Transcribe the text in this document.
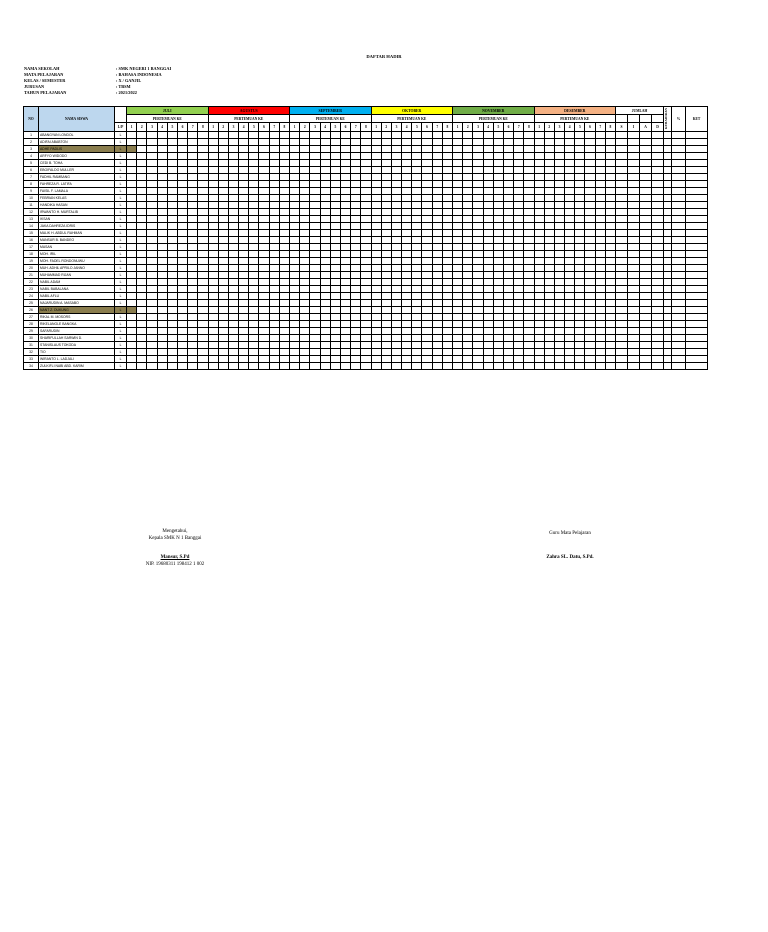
DAFTAR HADIR
NAMA SEKOLAH	: SMK NEGERI 1 BANGGAI
MATA PELAJARAN	: BAHASA INDONESIA
KELAS / SEMESTER	: X / GANJIL
JURUSAN	: TBSM
TAHUN PELAJARAN	: 2021/2022
NO	NAMA SISWA		JULI								AGUSTUS								SEPTEMBER								OKTOBER								NOVEMBER								DESEMBER								JUMLAH				KEHADIRAN	%	KET
			PERTEMUAN KE								PERTEMUAN KE								PERTEMUAN KE								PERTEMUAN KE								PERTEMUAN KE								PERTEMUAN KE														
		L/P	1	2	3	4	5	6	7	8	1	2	3	4	5	6	7	8	1	2	3	4	5	6	7	8	1	2	3	4	5	6	7	8	1	2	3	4	5	6	7	8	1	2	3	4	5	6	7	8	S	I	A	D			

1	ABANGYAN LONDOL	L																																																							
2	ADIFAI ABABTON	L																																																							
3	ADHE PADLIS	L																																																							
4	ARFYO WIDODO	L																																																							
5	CEDI B. TOHA	L																																																							
6	EBGIFALDO MULLER	L																																																							
7	FADHIL RAMBANG	L																																																							
8	FAHREZA R. LATIFA	L																																																							
9	FAISIL F. LAMALA	L																																																							
10	FEBRIAN KELAS	L																																																							
11	HANDIKA HASAN	L																																																							
12	IRWANTO H. MURTALIB	L																																																							
13	IKSAN	L																																																							
14	JAKA DAHREZA IDRIS	L																																																							
15	MALIK H. ABDUL RAHMAN	L																																																							
16	MANSUR B. BANDEO	L																																																							
17	MASAN	L																																																							
18	MOH. IRIL	L																																																							
19	MOH. FADEL RONDONUWU	L																																																							
20	MUH. ADHIL APRILO JANNO	L																																																							
21	MUHAMMAD RIJAN	L																																																							
22	NABIL ADAM	L																																																							
23	NABIL BABALANA	L																																																							
24	NABIL AFLU	L																																																							
25	NAJARUDIN A. MASABO	L																																																							
26	NANT Z. DUKUNG	L																																																							
27	RIKAL M. MOSORS	L																																																							
28	RIKELANGLE BANGKA	L																																																							
29	SAFARUDIN	L																																																							
30	SHARIFULLAH SARWIN D.	L																																																							
31	STANISLAUS TOKODA	L																																																							
32	TIO	L																																																							
33	WIRANTO L. LADJALI	L																																																							
34	ZULKIFLI NABI ABD. KARIM	L																																																							
Mengetahui,
Kepala SMK N 1 Banggai
Mansur, S.Pd
NIP. 19680311 198412 1 002
Guru Mata Pelajaran
Zahra SL. Datu, S.Pd.
